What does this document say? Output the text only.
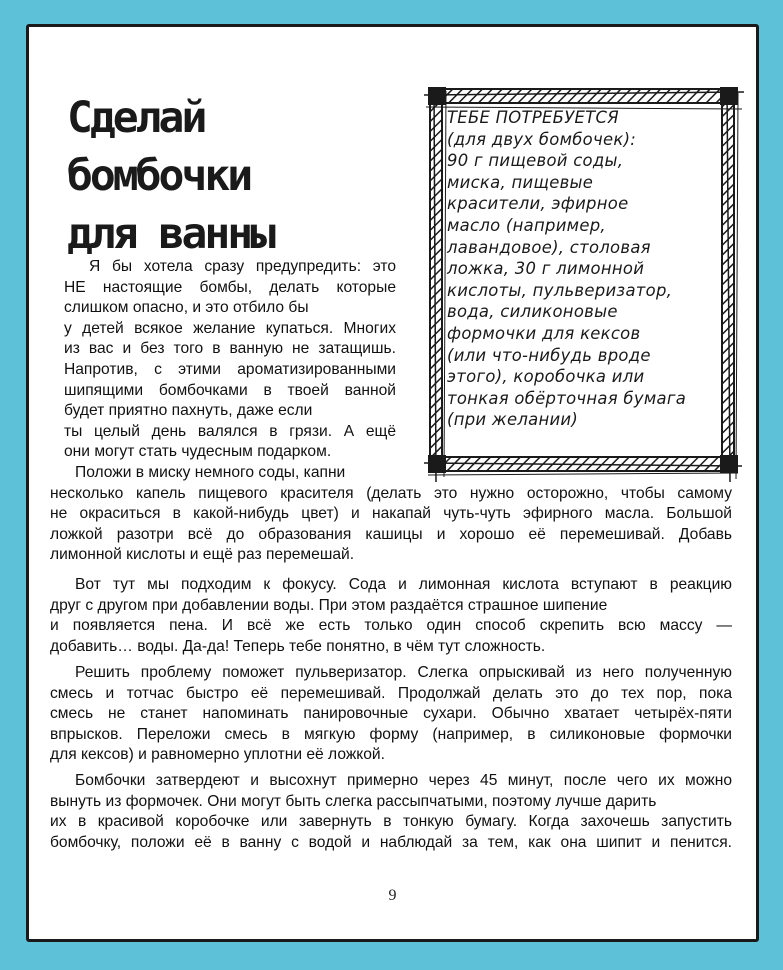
Сделай
бомбочки
для ванны
ТЕБЕ ПОТРЕБУЕТСЯ
(для двух бомбочек):
90 г пищевой соды,
миска, пищевые
красители, эфирное
масло (например,
лавандовое), столовая
ложка, 30 г лимонной
кислоты, пульверизатор,
вода, силиконовые
формочки для кексов
(или что-нибудь вроде
этого), коробочка или
тонкая обёрточная бумага
(при желании)
Я бы хотела сразу предупредить: это
НЕ настоящие бомбы, делать которые
слишком опасно, и это отбило бы
у детей всякое желание купаться. Многих
из вас и без того в ванную не затащишь.
Напротив, с этими ароматизированными
шипящими бомбочками в твоей ванной
будет приятно пахнуть, даже если
ты целый день валялся в грязи. А ещё
они могут стать чудесным подарком.
Положи в миску немного соды, капни
несколько капель пищевого красителя (делать это нужно осторожно, чтобы самому
не окраситься в какой-нибудь цвет) и накапай чуть-чуть эфирного масла. Большой
ложкой разотри всё до образования кашицы и хорошо её перемешивай. Добавь
лимонной кислоты и ещё раз перемешай.
Вот тут мы подходим к фокусу. Сода и лимонная кислота вступают в реакцию
друг с другом при добавлении воды. При этом раздаётся страшное шипение
и появляется пена. И всё же есть только один способ скрепить всю массу —
добавить… воды. Да-да! Теперь тебе понятно, в чём тут сложность.
Решить проблему поможет пульверизатор. Слегка опрыскивай из него полученную
смесь и тотчас быстро её перемешивай. Продолжай делать это до тех пор, пока
смесь не станет напоминать панировочные сухари. Обычно хватает четырёх-пяти
впрысков. Переложи смесь в мягкую форму (например, в силиконовые формочки
для кексов) и равномерно уплотни её ложкой.
Бомбочки затвердеют и высохнут примерно через 45 минут, после чего их можно
вынуть из формочек. Они могут быть слегка рассыпчатыми, поэтому лучше дарить
их в красивой коробочке или завернуть в тонкую бумагу. Когда захочешь запустить
бомбочку, положи её в ванну с водой и наблюдай за тем, как она шипит и пенится.
9
